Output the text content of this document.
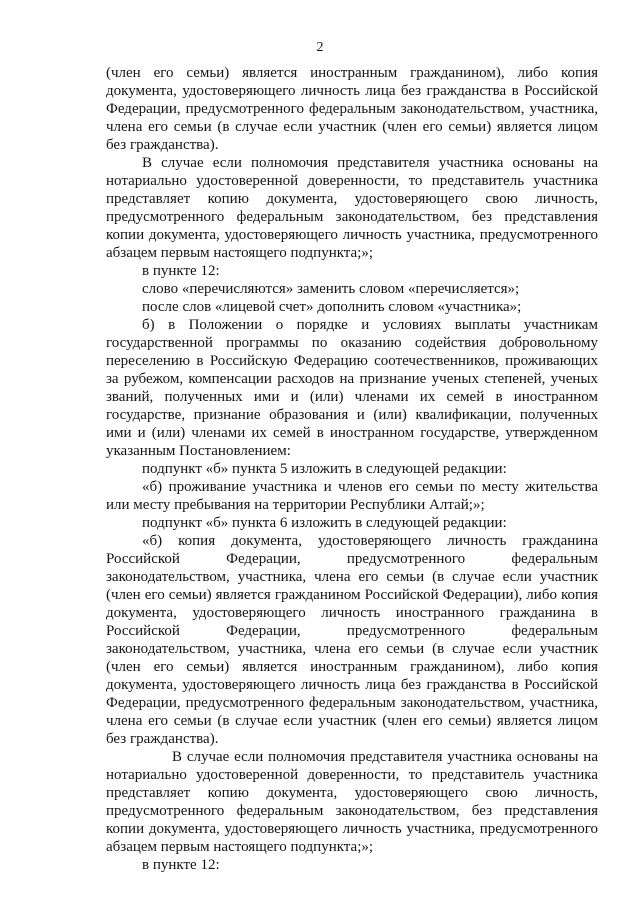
2

(член его семьи) является иностранным гражданином), либо копия документа, удостоверяющего личность лица без гражданства в Российской Федерации, предусмотренного федеральным законодательством, участника, члена его семьи (в случае если участник (член его семьи) является лицом без гражданства).

В случае если полномочия представителя участника основаны на нотариально удостоверенной доверенности, то представитель участника представляет копию документа, удостоверяющего свою личность, предусмотренного федеральным законодательством, без представления копии документа, удостоверяющего личность участника, предусмотренного абзацем первым настоящего подпункта;»;

в пункте 12:

слово «перечисляются» заменить словом «перечисляется»;

после слов «лицевой счет» дополнить словом «участника»;

б) в Положении о порядке и условиях выплаты участникам государственной программы по оказанию содействия добровольному переселению в Российскую Федерацию соотечественников, проживающих за рубежом, компенсации расходов на признание ученых степеней, ученых званий, полученных ими и (или) членами их семей в иностранном государстве, признание образования и (или) квалификации, полученных ими и (или) членами их семей в иностранном государстве, утвержденном указанным Постановлением:

подпункт «б» пункта 5 изложить в следующей редакции:

«б) проживание участника и членов его семьи по месту жительства или месту пребывания на территории Республики Алтай;»;

подпункт «б» пункта 6 изложить в следующей редакции:

«б) копия документа, удостоверяющего личность гражданина Российской Федерации, предусмотренного федеральным законодательством, участника, члена его семьи (в случае если участник (член его семьи) является гражданином Российской Федерации), либо копия документа, удостоверяющего личность иностранного гражданина в Российской Федерации, предусмотренного федеральным законодательством, участника, члена его семьи (в случае если участник (член его семьи) является иностранным гражданином), либо копия документа, удостоверяющего личность лица без гражданства в Российской Федерации, предусмотренного федеральным законодательством, участника, члена его семьи (в случае если участник (член его семьи) является лицом без гражданства).

В случае если полномочия представителя участника основаны на нотариально удостоверенной доверенности, то представитель участника представляет копию документа, удостоверяющего свою личность, предусмотренного федеральным законодательством, без представления копии документа, удостоверяющего личность участника, предусмотренного абзацем первым настоящего подпункта;»;

в пункте 12:
